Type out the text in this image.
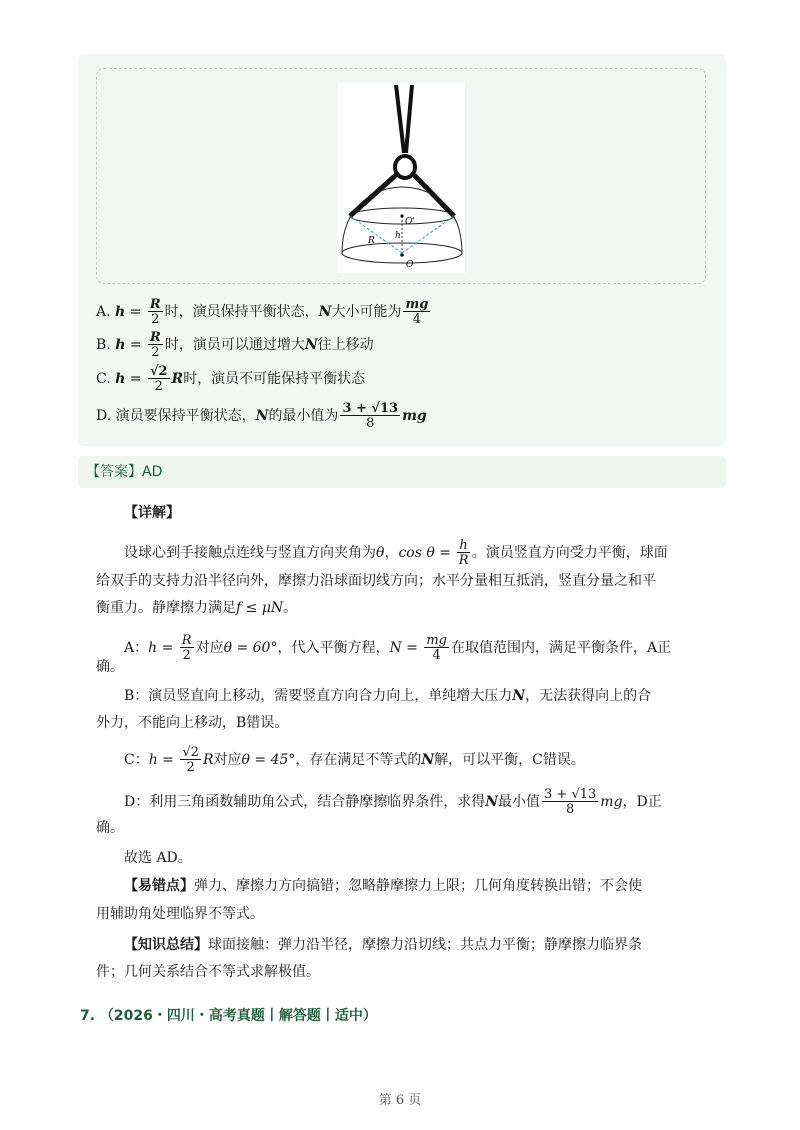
O'
h
R
O
A.
h
=
$\frac{R}{2}$ 时，演员保持平衡状态， N 大小可能为 $\frac{mg}{4}$
B.
h
=
$\frac{R}{2}$ 时，演员可以通过增大 N 往上移动
C.
h
=
$\frac{√2}{2}$ R 时，演员不可能保持平衡状态
D.
演员要保持平衡状态， N 的最小值为 $\frac{3 + √13}{8}$ mg
【答案】AD
【详解】
设球心到手接触点连线与竖直方向夹角为 θ ， cos θ =
$\frac{h}{R}$ 。演员竖直方向受力平衡，球面
给双手的支持力沿半径向外，摩擦力沿球面切线方向；水平分量相互抵消，竖直分量之和平
衡重力。静摩擦力满足 f ≤ μN 。
A： h =
$\frac{R}{2}$ 对应 θ = 60° ，代入平衡方程， N =
$\frac{mg}{4}$ 在取值范围内，满足平衡条件，A正
确。
B：演员竖直向上移动，需要竖直方向合力向上，单纯增大压力 N ，无法获得向上的合
外力，不能向上移动，B错误。
C： h =
$\frac{√2}{2}$ R 对应 θ = 45° ，存在满足不等式的 N 解，可以平衡，C错误。
D：利用三角函数辅助角公式，结合静摩擦临界条件，求得 N 最小值 $\frac{3 + √13}{8}$ mg ，D正
确。
故选 AD。
【易错点】 弹力、摩擦力方向搞错；忽略静摩擦力上限；几何角度转换出错；不会使
用辅助角处理临界不等式。
【知识总结】 球面接触：弹力沿半径，摩擦力沿切线；共点力平衡；静摩擦力临界条
件；几何关系结合不等式求解极值。
7. （2026・四川・高考真题丨解答题丨适中）
第 6 页
